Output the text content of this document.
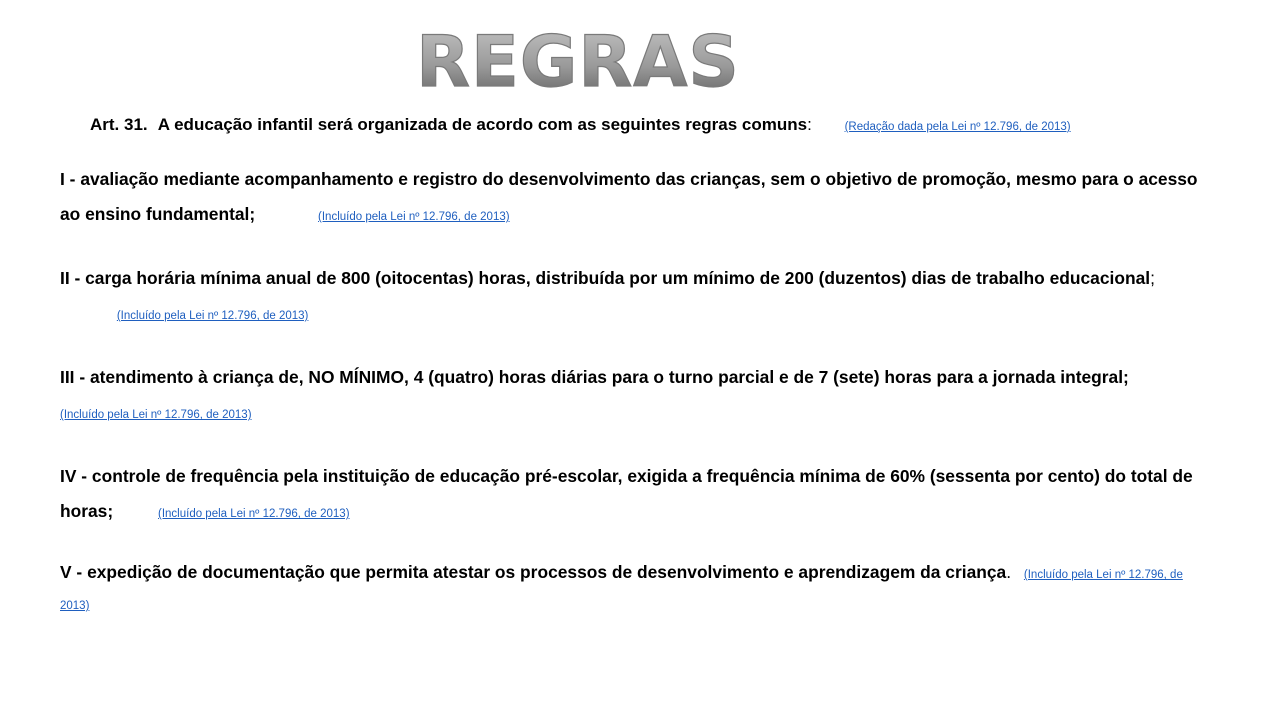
REGRAS

Art. 31. A educação infantil será organizada de acordo com as seguintes regras comuns:	(Redação dada pela Lei nº 12.796, de 2013)

I - avaliação mediante acompanhamento e registro do desenvolvimento das crianças, sem o objetivo de promoção, mesmo para o acesso ao ensino fundamental;	(Incluído pela Lei nº 12.796, de 2013)

II - carga horária mínima anual de 800 (oitocentas) horas, distribuída por um mínimo de 200 (duzentos) dias de trabalho educacional; (Incluído pela Lei nº 12.796, de 2013)

III - atendimento à criança de, NO MÍNIMO, 4 (quatro) horas diárias para o turno parcial e de 7 (sete) horas para a jornada integral; (Incluído pela Lei nº 12.796, de 2013)

IV - controle de frequência pela instituição de educação pré-escolar, exigida a frequência mínima de 60% (sessenta por cento) do total de horas;	(Incluído pela Lei nº 12.796, de 2013)

V - expedição de documentação que permita atestar os processos de desenvolvimento e aprendizagem da criança. (Incluído pela Lei nº 12.796, de 2013)
